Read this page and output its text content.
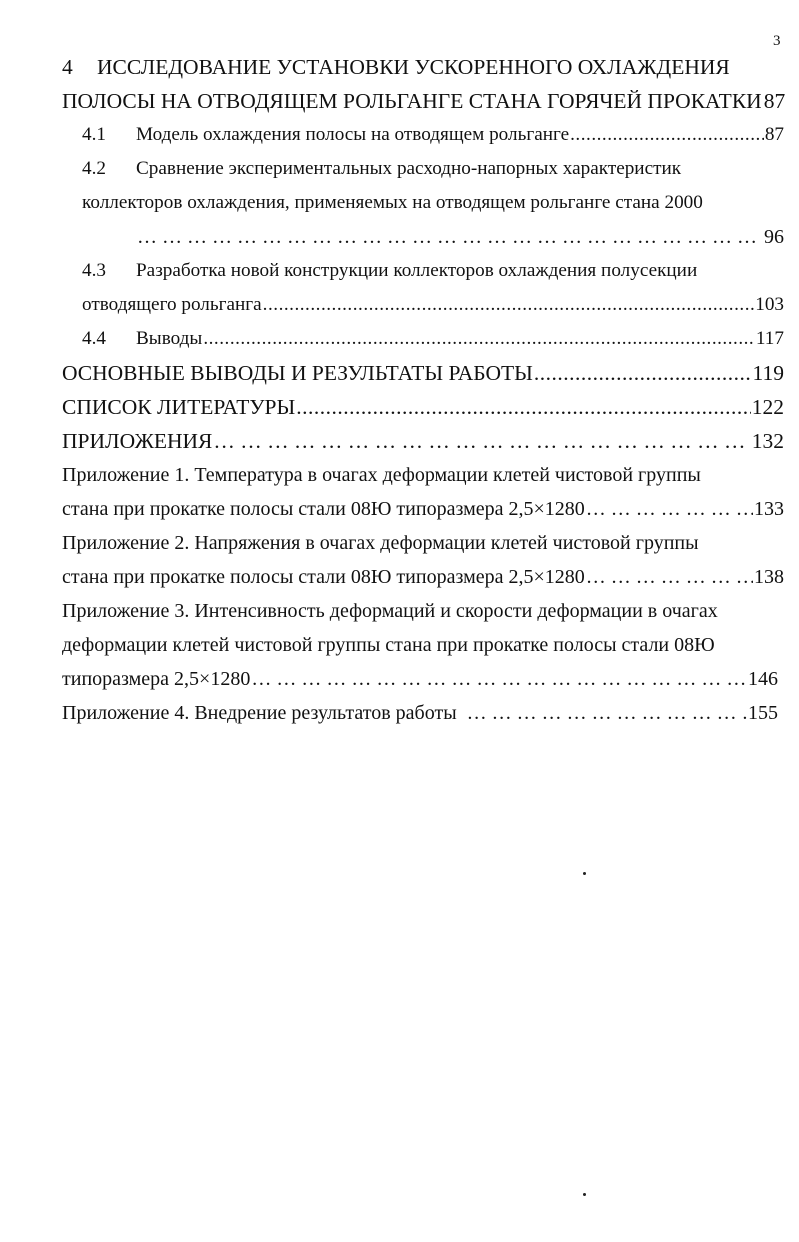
3
4	ИССЛЕДОВАНИЕ УСТАНОВКИ УСКОРЕННОГО ОХЛАЖДЕНИЯ
ПОЛОСЫ НА ОТВОДЯЩЕМ РОЛЬГАНГЕ СТАНА ГОРЯЧЕЙ ПРОКАТКИ 87
4.1	Модель охлаждения полосы на отводящем рольганге .....	87
4.2	Сравнение экспериментальных расходно-напорных характеристик
коллекторов охлаждения, применяемых на отводящем рольганге стана 2000
… … … … … … … … … … … … … … … … … … … … … … … … … … … … … … … … … … … … … … … … … … … … … … … … … … … … … … … … … … … … …
96
4.3	Разработка новой конструкции коллекторов охлаждения полусекции
отводящего рольганга .....	103
4.4	Выводы .....	117
ОСНОВНЫЕ ВЫВОДЫ И РЕЗУЛЬТАТЫ РАБОТЫ .....	119
СПИСОК ЛИТЕРАТУРЫ .....	122
ПРИЛОЖЕНИЯ … … … … … … … … … … … … … … … … … … … … … … … … … … … … … … … … … … … … … … … … … … … … … … … … … … … … … … … … … … … … …	132
Приложение 1. Температура в очагах деформации клетей чистовой группы
стана при прокатке полосы стали 08Ю типоразмера 2,5×1280 … … … … … … … … … … … … … … … … … … … … … … … … … … … … … … … … … … … … … … … … … … … … … … … … … … … … … … … … … … … … …	133
Приложение 2. Напряжения в очагах деформации клетей чистовой группы
стана при прокатке полосы стали 08Ю типоразмера 2,5×1280 … … … … … … … … … … … … … … … … … … … … … … … … … … … … … … … … … … … … … … … … … … … … … … … … … … … … … … … … … … … … …	138
Приложение 3. Интенсивность деформаций и скорости деформации в очагах
деформации клетей чистовой группы стана при прокатке полосы стали 08Ю
типоразмера 2,5×1280 … … … … … … … … … … … … … … … … … … … … … … … … … … … … … … … … … … … … … … … … … … … … … … … … … … … … … … … … … … … … …	146
Приложение 4. Внедрение результатов работы … … … … … … … … … … … … … … … … … … … … … … … … … … … … … … … … … … … … … … … … … … … … … … … … … … … … … … … … … … … … …	155
